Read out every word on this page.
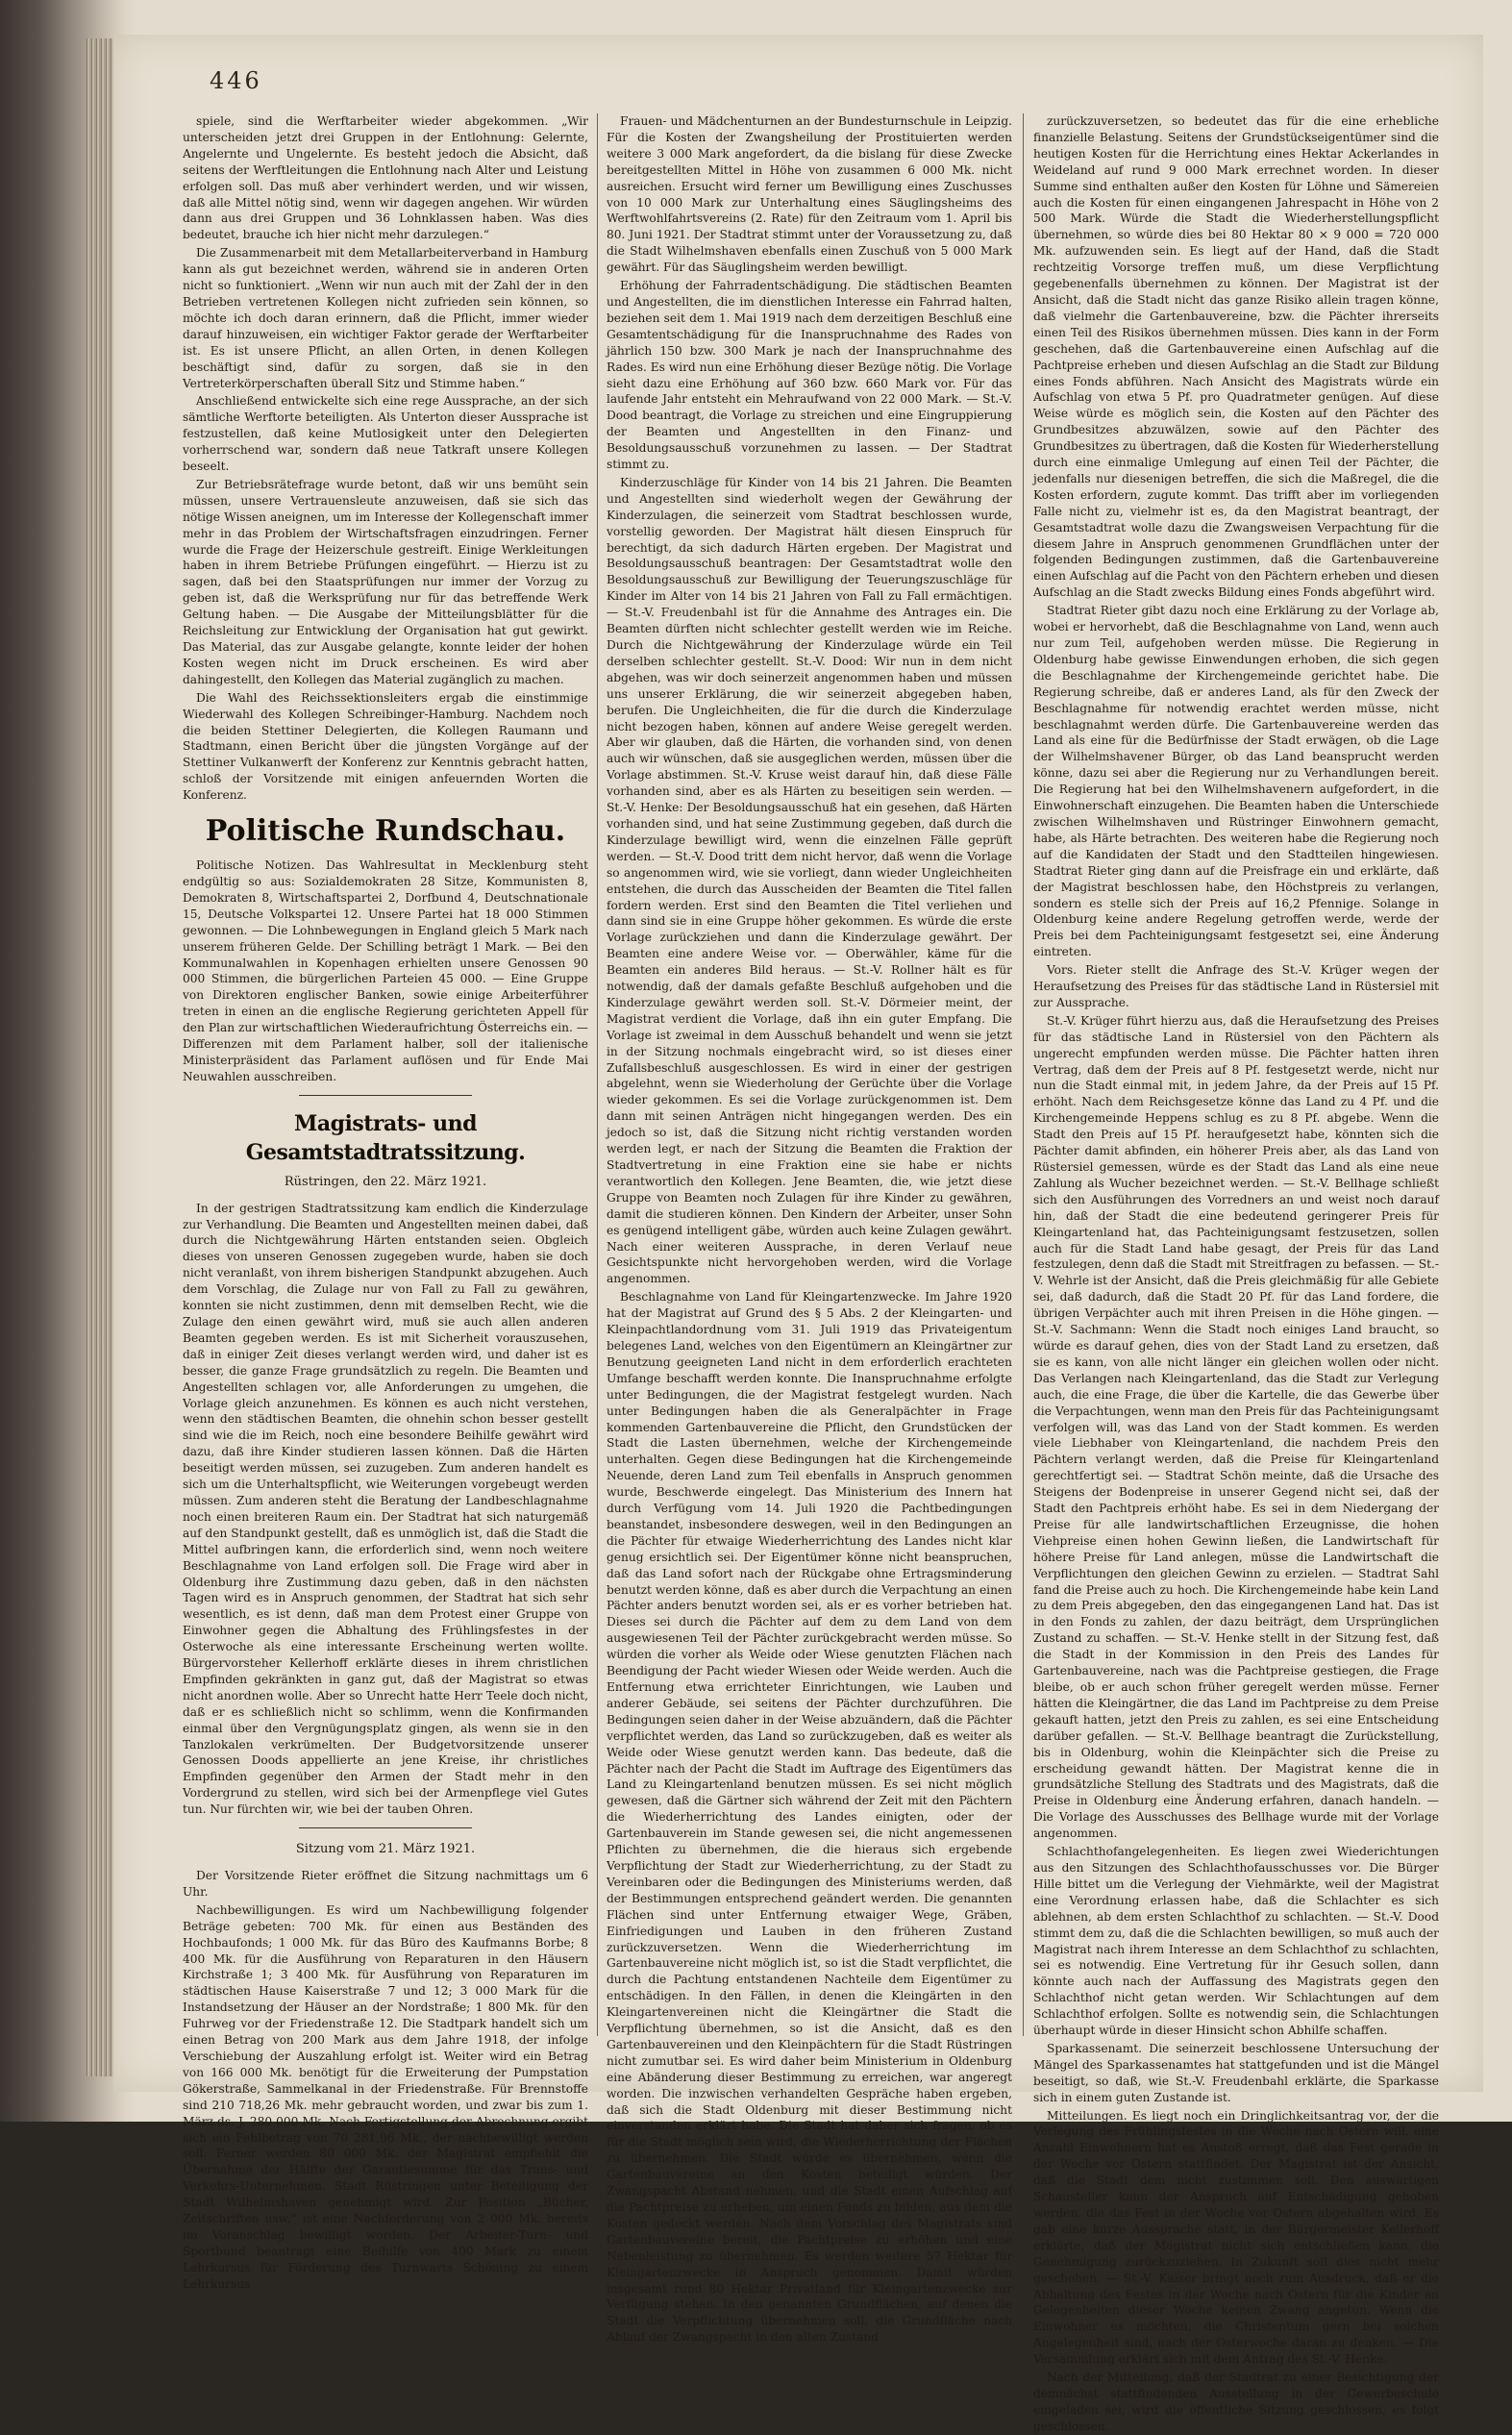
446

spiele, sind die Werftarbeiter wieder abgekommen. „Wir unterscheiden jetzt drei Gruppen in der Entlohnung: Gelernte, Angelernte und Ungelernte. Es besteht jedoch die Absicht, daß seitens der Werftleitungen die Entlohnung nach Alter und Leistung erfolgen soll. Das muß aber verhindert werden, und wir wissen, daß alle Mittel nötig sind, wenn wir dagegen angehen. Wir würden dann aus drei Gruppen und 36 Lohnklassen haben. Was dies bedeutet, brauche ich hier nicht mehr darzulegen.“

Die Zusammenarbeit mit dem Metallarbeiterverband in Hamburg kann als gut bezeichnet werden, während sie in anderen Orten nicht so funktioniert. „Wenn wir nun auch mit der Zahl der in den Betrieben vertretenen Kollegen nicht zufrieden sein können, so möchte ich doch daran erinnern, daß die Pflicht, immer wieder darauf hinzuweisen, ein wichtiger Faktor gerade der Werftarbeiter ist. Es ist unsere Pflicht, an allen Orten, in denen Kollegen beschäftigt sind, dafür zu sorgen, daß sie in den Vertreterkörperschaften überall Sitz und Stimme haben.“

Anschließend entwickelte sich eine rege Aussprache, an der sich sämtliche Werftorte beteiligten. Als Unterton dieser Aussprache ist festzustellen, daß keine Mutlosigkeit unter den Delegierten vorherrschend war, sondern daß neue Tatkraft unsere Kollegen beseelt.

Zur Betriebsrätefrage wurde betont, daß wir uns bemüht sein müssen, unsere Vertrauensleute anzuweisen, daß sie sich das nötige Wissen aneignen, um im Interesse der Kollegenschaft immer mehr in das Problem der Wirtschaftsfragen einzudringen. Ferner wurde die Frage der Heizerschule gestreift. Einige Werkleitungen haben in ihrem Betriebe Prüfungen eingeführt. — Hierzu ist zu sagen, daß bei den Staatsprüfungen nur immer der Vorzug zu geben ist, daß die Werksprüfung nur für das betreffende Werk Geltung haben. — Die Ausgabe der Mitteilungsblätter für die Reichsleitung zur Entwicklung der Organisation hat gut gewirkt. Das Material, das zur Ausgabe gelangte, konnte leider der hohen Kosten wegen nicht im Druck erscheinen. Es wird aber dahingestellt, den Kollegen das Material zugänglich zu machen.

Die Wahl des Reichssektionsleiters ergab die einstimmige Wiederwahl des Kollegen Schreibinger-Hamburg. Nachdem noch die beiden Stettiner Delegierten, die Kollegen Raumann und Stadtmann, einen Bericht über die jüngsten Vorgänge auf der Stettiner Vulkanwerft der Konferenz zur Kenntnis gebracht hatten, schloß der Vorsitzende mit einigen anfeuernden Worten die Konferenz.

Politische Rundschau.

Politische Notizen. Das Wahlresultat in Mecklenburg steht endgültig so aus: Sozialdemokraten 28 Sitze, Kommunisten 8, Demokraten 8, Wirtschaftspartei 2, Dorfbund 4, Deutschnationale 15, Deutsche Volkspartei 12. Unsere Partei hat 18 000 Stimmen gewonnen. — Die Lohnbewegungen in England gleich 5 Mark nach unserem früheren Gelde. Der Schilling beträgt 1 Mark. — Bei den Kommunalwahlen in Kopenhagen erhielten unsere Genossen 90 000 Stimmen, die bürgerlichen Parteien 45 000. — Eine Gruppe von Direktoren englischer Banken, sowie einige Arbeiterführer treten in einen an die englische Regierung gerichteten Appell für den Plan zur wirtschaftlichen Wiederaufrichtung Österreichs ein. — Differenzen mit dem Parlament halber, soll der italienische Ministerpräsident das Parlament auflösen und für Ende Mai Neuwahlen ausschreiben.

Magistrats- und Gesamtstadtratssitzung.
Rüstringen, den 22. März 1921.

In der gestrigen Stadtratssitzung kam endlich die Kinderzulage zur Verhandlung. Die Beamten und Angestellten meinen dabei, daß durch die Nichtgewährung Härten entstanden seien. Obgleich dieses von unseren Genossen zugegeben wurde, haben sie doch nicht veranlaßt, von ihrem bisherigen Standpunkt abzugehen. Auch dem Vorschlag, die Zulage nur von Fall zu Fall zu gewähren, konnten sie nicht zustimmen, denn mit demselben Recht, wie die Zulage den einen gewährt wird, muß sie auch allen anderen Beamten gegeben werden. Es ist mit Sicherheit vorauszusehen, daß in einiger Zeit dieses verlangt werden wird, und daher ist es besser, die ganze Frage grundsätzlich zu regeln. Die Beamten und Angestellten schlagen vor, alle Anforderungen zu umgehen, die Vorlage gleich anzunehmen. Es können es auch nicht verstehen, wenn den städtischen Beamten, die ohnehin schon besser gestellt sind wie die im Reich, noch eine besondere Beihilfe gewährt wird dazu, daß ihre Kinder studieren lassen können. Daß die Härten beseitigt werden müssen, sei zuzugeben. Zum anderen handelt es sich um die Unterhaltspflicht, wie Weiterungen vorgebeugt werden müssen. Zum anderen steht die Beratung der Landbeschlagnahme noch einen breiteren Raum ein. Der Stadtrat hat sich naturgemäß auf den Standpunkt gestellt, daß es unmöglich ist, daß die Stadt die Mittel aufbringen kann, die erforderlich sind, wenn noch weitere Beschlagnahme von Land erfolgen soll. Die Frage wird aber in Oldenburg ihre Zustimmung dazu geben, daß in den nächsten Tagen wird es in Anspruch genommen, der Stadtrat hat sich sehr wesentlich, es ist denn, daß man dem Protest einer Gruppe von Einwohner gegen die Abhaltung des Frühlingsfestes in der Osterwoche als eine interessante Erscheinung werten wollte. Bürgervorsteher Kellerhoff erklärte dieses in ihrem christlichen Empfinden gekränkten in ganz gut, daß der Magistrat so etwas nicht anordnen wolle. Aber so Unrecht hatte Herr Teele doch nicht, daß er es schließlich nicht so schlimm, wenn die Konfirmanden einmal über den Vergnügungsplatz gingen, als wenn sie in den Tanzlokalen verkrümelten. Der Budgetvorsitzende unserer Genossen Doods appellierte an jene Kreise, ihr christliches Empfinden gegenüber den Armen der Stadt mehr in den Vordergrund zu stellen, wird sich bei der Armenpflege viel Gutes tun. Nur fürchten wir, wie bei der tauben Ohren.

Sitzung vom 21. März 1921.

Der Vorsitzende Rieter eröffnet die Sitzung nachmittags um 6 Uhr.

Nachbewilligungen. Es wird um Nachbewilligung folgender Beträge gebeten: 700 Mk. für einen aus Beständen des Hochbaufonds; 1 000 Mk. für das Büro des Kaufmanns Borbe; 8 400 Mk. für die Ausführung von Reparaturen in den Häusern Kirchstraße 1; 3 400 Mk. für Ausführung von Reparaturen im städtischen Hause Kaiserstraße 7 und 12; 3 000 Mark für die Instandsetzung der Häuser an der Nordstraße; 1 800 Mk. für den Fuhrweg vor der Friedenstraße 12. Die Stadtpark handelt sich um einen Betrag von 200 Mark aus dem Jahre 1918, der infolge Verschiebung der Auszahlung erfolgt ist. Weiter wird ein Betrag von 166 000 Mk. benötigt für die Erweiterung der Pumpstation Gökerstraße, Sammelkanal in der Friedenstraße. Für Brennstoffe sind 210 718,26 Mk. mehr gebraucht worden, und zwar bis zum 1. März ds. J. 280 000 Mk. Nach Fertigstellung der Abrechnung ergibt sich ein Fehlbetrag von 70 281,96 Mk., der nachbewilligt werden soll. Ferner werden 80 000 Mk. der Magistrat empfiehlt die Übernahme der Hälfte der Garantiesumme für das Trans- und Verkehrs-Unternehmen. Stadt Rüstringen unter Beteiligung der Stadt Wilhelmshaven genehmigt wird. Zur Position „Bücher, Zeitschriften usw.“ ist eine Nachforderung von 2 000 Mk. bereits im Voranschlag bewilligt worden. Der Arbeiter-Turn- und Sportbund beantragt eine Beihilfe von 400 Mark zu einem Lehrkursus für Förderung des Turnwarts Schöning zu einem Lehrkursus

Frauen- und Mädchenturnen an der Bundesturnschule in Leipzig. Für die Kosten der Zwangsheilung der Prostituierten werden weitere 3 000 Mark angefordert, da die bislang für diese Zwecke bereitgestellten Mittel in Höhe von zusammen 6 000 Mk. nicht ausreichen. Ersucht wird ferner um Bewilligung eines Zuschusses von 10 000 Mark zur Unterhaltung eines Säuglingsheims des Werftwohlfahrtsvereins (2. Rate) für den Zeitraum vom 1. April bis 80. Juni 1921. Der Stadtrat stimmt unter der Voraussetzung zu, daß die Stadt Wilhelmshaven ebenfalls einen Zuschuß von 5 000 Mark gewährt. Für das Säuglingsheim werden bewilligt.

Erhöhung der Fahrradentschädigung. Die städtischen Beamten und Angestellten, die im dienstlichen Interesse ein Fahrrad halten, beziehen seit dem 1. Mai 1919 nach dem derzeitigen Beschluß eine Gesamtentschädigung für die Inanspruchnahme des Rades von jährlich 150 bzw. 300 Mark je nach der Inanspruchnahme des Rades. Es wird nun eine Erhöhung dieser Bezüge nötig. Die Vorlage sieht dazu eine Erhöhung auf 360 bzw. 660 Mark vor. Für das laufende Jahr entsteht ein Mehraufwand von 22 000 Mark. — St.-V. Dood beantragt, die Vorlage zu streichen und eine Eingruppierung der Beamten und Angestellten in den Finanz- und Besoldungsausschuß vorzunehmen zu lassen. — Der Stadtrat stimmt zu.

Kinderzuschläge für Kinder von 14 bis 21 Jahren. Die Beamten und Angestellten sind wiederholt wegen der Gewährung der Kinderzulagen, die seinerzeit vom Stadtrat beschlossen wurde, vorstellig geworden. Der Magistrat hält diesen Einspruch für berechtigt, da sich dadurch Härten ergeben. Der Magistrat und Besoldungsausschuß beantragen: Der Gesamtstadtrat wolle den Besoldungsausschuß zur Bewilligung der Teuerungszuschläge für Kinder im Alter von 14 bis 21 Jahren von Fall zu Fall ermächtigen. — St.-V. Freudenbahl ist für die Annahme des Antrages ein. Die Beamten dürften nicht schlechter gestellt werden wie im Reiche. Durch die Nichtgewährung der Kinderzulage würde ein Teil derselben schlechter gestellt. St.-V. Dood: Wir nun in dem nicht abgehen, was wir doch seinerzeit angenommen haben und müssen uns unserer Erklärung, die wir seinerzeit abgegeben haben, berufen. Die Ungleichheiten, die für die durch die Kinderzulage nicht bezogen haben, können auf andere Weise geregelt werden. Aber wir glauben, daß die Härten, die vorhanden sind, von denen auch wir wünschen, daß sie ausgeglichen werden, müssen über die Vorlage abstimmen. St.-V. Kruse weist darauf hin, daß diese Fälle vorhanden sind, aber es als Härten zu beseitigen sein werden. — St.-V. Henke: Der Besoldungsausschuß hat ein gesehen, daß Härten vorhanden sind, und hat seine Zustimmung gegeben, daß durch die Kinderzulage bewilligt wird, wenn die einzelnen Fälle geprüft werden. — St.-V. Dood tritt dem nicht hervor, daß wenn die Vorlage so angenommen wird, wie sie vorliegt, dann wieder Ungleichheiten entstehen, die durch das Ausscheiden der Beamten die Titel fallen fordern werden. Erst sind den Beamten die Titel verliehen und dann sind sie in eine Gruppe höher gekommen. Es würde die erste Vorlage zurückziehen und dann die Kinderzulage gewährt. Der Beamten eine andere Weise vor. — Oberwähler, käme für die Beamten ein anderes Bild heraus. — St.-V. Rollner hält es für notwendig, daß der damals gefaßte Beschluß aufgehoben und die Kinderzulage gewährt werden soll. St.-V. Dörmeier meint, der Magistrat verdient die Vorlage, daß ihn ein guter Empfang. Die Vorlage ist zweimal in dem Ausschuß behandelt und wenn sie jetzt in der Sitzung nochmals eingebracht wird, so ist dieses einer Zufallsbeschluß ausgeschlossen. Es wird in einer der gestrigen abgelehnt, wenn sie Wiederholung der Gerüchte über die Vorlage wieder gekommen. Es sei die Vorlage zurückgenommen ist. Dem dann mit seinen Anträgen nicht hingegangen werden. Des ein jedoch so ist, daß die Sitzung nicht richtig verstanden worden werden legt, er nach der Sitzung die Beamten die Fraktion der Stadtvertretung in eine Fraktion eine sie habe er nichts verantwortlich den Kollegen. Jene Beamten, die, wie jetzt diese Gruppe von Beamten noch Zulagen für ihre Kinder zu gewähren, damit die studieren können. Den Kindern der Arbeiter, unser Sohn es genügend intelligent gäbe, würden auch keine Zulagen gewährt. Nach einer weiteren Aussprache, in deren Verlauf neue Gesichtspunkte nicht hervorgehoben werden, wird die Vorlage angenommen.

Beschlagnahme von Land für Kleingartenzwecke. Im Jahre 1920 hat der Magistrat auf Grund des § 5 Abs. 2 der Kleingarten- und Kleinpachtlandordnung vom 31. Juli 1919 das Privateigentum belegenes Land, welches von den Eigentümern an Kleingärtner zur Benutzung geeigneten Land nicht in dem erforderlich erachteten Umfange beschafft werden konnte. Die Inanspruchnahme erfolgte unter Bedingungen, die der Magistrat festgelegt wurden. Nach unter Bedingungen haben die als Generalpächter in Frage kommenden Gartenbauvereine die Pflicht, den Grundstücken der Stadt die Lasten übernehmen, welche der Kirchengemeinde unterhalten. Gegen diese Bedingungen hat die Kirchengemeinde Neuende, deren Land zum Teil ebenfalls in Anspruch genommen wurde, Beschwerde eingelegt. Das Ministerium des Innern hat durch Verfügung vom 14. Juli 1920 die Pachtbedingungen beanstandet, insbesondere deswegen, weil in den Bedingungen an die Pächter für etwaige Wiederherrichtung des Landes nicht klar genug ersichtlich sei. Der Eigentümer könne nicht beanspruchen, daß das Land sofort nach der Rückgabe ohne Ertragsminderung benutzt werden könne, daß es aber durch die Verpachtung an einen Pächter anders benutzt worden sei, als er es vorher betrieben hat. Dieses sei durch die Pächter auf dem zu dem Land von dem ausgewiesenen Teil der Pächter zurückgebracht werden müsse. So würden die vorher als Weide oder Wiese genutzten Flächen nach Beendigung der Pacht wieder Wiesen oder Weide werden. Auch die Entfernung etwa errichteter Einrichtungen, wie Lauben und anderer Gebäude, sei seitens der Pächter durchzuführen. Die Bedingungen seien daher in der Weise abzuändern, daß die Pächter verpflichtet werden, das Land so zurückzugeben, daß es weiter als Weide oder Wiese genutzt werden kann. Das bedeute, daß die Pächter nach der Pacht die Stadt im Auftrage des Eigentümers das Land zu Kleingartenland benutzen müssen. Es sei nicht möglich gewesen, daß die Gärtner sich während der Zeit mit den Pächtern die Wiederherrichtung des Landes einigten, oder der Gartenbauverein im Stande gewesen sei, die nicht angemessenen Pflichten zu übernehmen, die die hieraus sich ergebende Verpflichtung der Stadt zur Wiederherrichtung, zu der Stadt zu Vereinbaren oder die Bedingungen des Ministeriums werden, daß der Bestimmungen entsprechend geändert werden. Die genannten Flächen sind unter Entfernung etwaiger Wege, Gräben, Einfriedigungen und Lauben in den früheren Zustand zurückzuversetzen. Wenn die Wiederherrichtung im Gartenbauvereine nicht möglich ist, so ist die Stadt verpflichtet, die durch die Pachtung entstandenen Nachteile dem Eigentümer zu entschädigen. In den Fällen, in denen die Kleingärten in den Kleingartenvereinen nicht die Kleingärtner die Stadt die Verpflichtung übernehmen, so ist die Ansicht, daß es den Gartenbauvereinen und den Kleinpächtern für die Stadt Rüstringen nicht zumutbar sei. Es wird daher beim Ministerium in Oldenburg eine Abänderung dieser Bestimmung zu erreichen, war angeregt worden. Die inzwischen verhandelten Gespräche haben ergeben, daß sich die Stadt Oldenburg mit dieser Bestimmung nicht einverstanden erklärt habe. Die Stadt hat daher sich fragen, ob es für die Stadt möglich sein wird, die Wiederherrichtung der Flächen zu übernehmen. Die Stadt würde es übernehmen, wenn die Gartenbauvereine an den Kosten beteiligt würden. Der Zwangspacht Abstand nehmen, und die Stadt einen Aufschlag auf die Pachtpreise zu erheben, um einen Fonds zu bilden, aus dem die Kosten gedeckt werden. Nach dem Vorschlag des Magistrats sind Gartenbauvereine bereit, die Pachtpreise zu erhöhen und eine Nebenleistung zu übernehmen. Es werden weitere 57 Hektar für Kleingartenzwecke in Anspruch genommen. Damit würden insgesamt rund 80 Hektar Privatland für Kleingartenzwecke zur Verfügung stehen. In den genannten Grundflächen, auf denen die Stadt die Verpflichtung übernehmen soll, die Grundfläche nach Ablauf der Zwangspacht in den alten Zustand

zurückzuversetzen, so bedeutet das für die eine erhebliche finanzielle Belastung. Seitens der Grundstückseigentümer sind die heutigen Kosten für die Herrichtung eines Hektar Ackerlandes in Weideland auf rund 9 000 Mark errechnet worden. In dieser Summe sind enthalten außer den Kosten für Löhne und Sämereien auch die Kosten für einen eingangenen Jahrespacht in Höhe von 2 500 Mark. Würde die Stadt die Wiederherstellungspflicht übernehmen, so würde dies bei 80 Hektar 80 × 9 000 = 720 000 Mk. aufzuwenden sein. Es liegt auf der Hand, daß die Stadt rechtzeitig Vorsorge treffen muß, um diese Verpflichtung gegebenenfalls übernehmen zu können. Der Magistrat ist der Ansicht, daß die Stadt nicht das ganze Risiko allein tragen könne, daß vielmehr die Gartenbauvereine, bzw. die Pächter ihrerseits einen Teil des Risikos übernehmen müssen. Dies kann in der Form geschehen, daß die Gartenbauvereine einen Aufschlag auf die Pachtpreise erheben und diesen Aufschlag an die Stadt zur Bildung eines Fonds abführen. Nach Ansicht des Magistrats würde ein Aufschlag von etwa 5 Pf. pro Quadratmeter genügen. Auf diese Weise würde es möglich sein, die Kosten auf den Pächter des Grundbesitzes abzuwälzen, sowie auf den Pächter des Grundbesitzes zu übertragen, daß die Kosten für Wiederherstellung durch eine einmalige Umlegung auf einen Teil der Pächter, die jedenfalls nur diesenigen betreffen, die sich die Maßregel, die die Kosten erfordern, zugute kommt. Das trifft aber im vorliegenden Falle nicht zu, vielmehr ist es, da den Magistrat beantragt, der Gesamtstadtrat wolle dazu die Zwangsweisen Verpachtung für die diesem Jahre in Anspruch genommenen Grundflächen unter der folgenden Bedingungen zustimmen, daß die Gartenbauvereine einen Aufschlag auf die Pacht von den Pächtern erheben und diesen Aufschlag an die Stadt zwecks Bildung eines Fonds abgeführt wird.

Stadtrat Rieter gibt dazu noch eine Erklärung zu der Vorlage ab, wobei er hervorhebt, daß die Beschlagnahme von Land, wenn auch nur zum Teil, aufgehoben werden müsse. Die Regierung in Oldenburg habe gewisse Einwendungen erhoben, die sich gegen die Beschlagnahme der Kirchengemeinde gerichtet habe. Die Regierung schreibe, daß er anderes Land, als für den Zweck der Beschlagnahme für notwendig erachtet werden müsse, nicht beschlagnahmt werden dürfe. Die Gartenbauvereine werden das Land als eine für die Bedürfnisse der Stadt erwägen, ob die Lage der Wilhelmshavener Bürger, ob das Land beansprucht werden könne, dazu sei aber die Regierung nur zu Verhandlungen bereit. Die Regierung hat bei den Wilhelmshavenern aufgefordert, in die Einwohnerschaft einzugehen. Die Beamten haben die Unterschiede zwischen Wilhelmshaven und Rüstringer Einwohnern gemacht, habe, als Härte betrachten. Des weiteren habe die Regierung noch auf die Kandidaten der Stadt und den Stadtteilen hingewiesen. Stadtrat Rieter ging dann auf die Preisfrage ein und erklärte, daß der Magistrat beschlossen habe, den Höchstpreis zu verlangen, sondern es stelle sich der Preis auf 16,2 Pfennige. Solange in Oldenburg keine andere Regelung getroffen werde, werde der Preis bei dem Pachteinigungsamt festgesetzt sei, eine Änderung eintreten.

Vors. Rieter stellt die Anfrage des St.-V. Krüger wegen der Heraufsetzung des Preises für das städtische Land in Rüstersiel mit zur Aussprache.

St.-V. Krüger führt hierzu aus, daß die Heraufsetzung des Preises für das städtische Land in Rüstersiel von den Pächtern als ungerecht empfunden werden müsse. Die Pächter hatten ihren Vertrag, daß dem der Preis auf 8 Pf. festgesetzt werde, nicht nur nun die Stadt einmal mit, in jedem Jahre, da der Preis auf 15 Pf. erhöht. Nach dem Reichsgesetze könne das Land zu 4 Pf. und die Kirchengemeinde Heppens schlug es zu 8 Pf. abgebe. Wenn die Stadt den Preis auf 15 Pf. heraufgesetzt habe, könnten sich die Pächter damit abfinden, ein höherer Preis aber, als das Land von Rüstersiel gemessen, würde es der Stadt das Land als eine neue Zahlung als Wucher bezeichnet werden. — St.-V. Bellhage schließt sich den Ausführungen des Vorredners an und weist noch darauf hin, daß der Stadt die eine bedeutend geringerer Preis für Kleingartenland hat, das Pachteinigungsamt festzusetzen, sollen auch für die Stadt Land habe gesagt, der Preis für das Land festzulegen, denn daß die Stadt mit Streitfragen zu befassen. — St.-V. Wehrle ist der Ansicht, daß die Preis gleichmäßig für alle Gebiete sei, daß dadurch, daß die Stadt 20 Pf. für das Land fordere, die übrigen Verpächter auch mit ihren Preisen in die Höhe gingen. — St.-V. Sachmann: Wenn die Stadt noch einiges Land braucht, so würde es darauf gehen, dies von der Stadt Land zu ersetzen, daß sie es kann, von alle nicht länger ein gleichen wollen oder nicht. Das Verlangen nach Kleingartenland, das die Stadt zur Verlegung auch, die eine Frage, die über die Kartelle, die das Gewerbe über die Verpachtungen, wenn man den Preis für das Pachteinigungsamt verfolgen will, was das Land von der Stadt kommen. Es werden viele Liebhaber von Kleingartenland, die nachdem Preis den Pächtern verlangt werden, daß die Preise für Kleingartenland gerechtfertigt sei. — Stadtrat Schön meinte, daß die Ursache des Steigens der Bodenpreise in unserer Gegend nicht sei, daß der Stadt den Pachtpreis erhöht habe. Es sei in dem Niedergang der Preise für alle landwirtschaftlichen Erzeugnisse, die hohen Viehpreise einen hohen Gewinn ließen, die Landwirtschaft für höhere Preise für Land anlegen, müsse die Landwirtschaft die Verpflichtungen den gleichen Gewinn zu erzielen. — Stadtrat Sahl fand die Preise auch zu hoch. Die Kirchengemeinde habe kein Land zu dem Preis abgegeben, den das eingegangenen Land hat. Das ist in den Fonds zu zahlen, der dazu beiträgt, dem Ursprünglichen Zustand zu schaffen. — St.-V. Henke stellt in der Sitzung fest, daß die Stadt in der Kommission in den Preis des Landes für Gartenbauvereine, nach was die Pachtpreise gestiegen, die Frage bleibe, ob er auch schon früher geregelt werden müsse. Ferner hätten die Kleingärtner, die das Land im Pachtpreise zu dem Preise gekauft hatten, jetzt den Preis zu zahlen, es sei eine Entscheidung darüber gefallen. — St.-V. Bellhage beantragt die Zurückstellung, bis in Oldenburg, wohin die Kleinpächter sich die Preise zu erscheidung gewandt hätten. Der Magistrat kenne die in grundsätzliche Stellung des Stadtrats und des Magistrats, daß die Preise in Oldenburg eine Änderung erfahren, danach handeln. — Die Vorlage des Ausschusses des Bellhage wurde mit der Vorlage angenommen.

Schlachthofangelegenheiten. Es liegen zwei Wiederichtungen aus den Sitzungen des Schlachthofausschusses vor. Die Bürger Hille bittet um die Verlegung der Viehmärkte, weil der Magistrat eine Verordnung erlassen habe, daß die Schlachter es sich ablehnen, ab dem ersten Schlachthof zu schlachten. — St.-V. Dood stimmt dem zu, daß die die Schlachten bewilligen, so muß auch der Magistrat nach ihrem Interesse an dem Schlachthof zu schlachten, sei es notwendig. Eine Vertretung für ihr Gesuch sollen, dann könnte auch nach der Auffassung des Magistrats gegen den Schlachthof nicht getan werden. Wir Schlachtungen auf dem Schlachthof erfolgen. Sollte es notwendig sein, die Schlachtungen überhaupt würde in dieser Hinsicht schon Abhilfe schaffen.

Sparkassenamt. Die seinerzeit beschlossene Untersuchung der Mängel des Sparkassenamtes hat stattgefunden und ist die Mängel beseitigt, so daß, wie St.-V. Freudenbahl erklärte, die Sparkasse sich in einem guten Zustande ist.

Mitteilungen. Es liegt noch ein Dringlichkeitsantrag vor, der die Verlegung des Frühlingsfestes in die Woche nach Ostern will, eine Anzahl Einwohnern hat es Anstoß erregt, daß das Fest gerade in der Woche vor Ostern stattfindet. Der Magistrat ist der Ansicht, daß die Stadt dem nicht zustimmen soll. Den auswärtigen Schausteller kann der Anspruch auf Entschädigung gehoben werden, die das Fest in der Woche vor Ostern abgehalten wird. Es gab eine kurze Aussprache statt, in der Bürgermeister Kellerhoff erklärte, daß der Magistrat nicht sich entschließen kann, die Genehmigung zurückzuziehen. In Zukunft soll dies nicht mehr geschehen. — St.-V. Kaiser bringt noch zum Ausdruck, daß er die Abhaltung des Festes in der Woche nach Ostern für die Kinder an Gelegenheiten dieser Woche keinen Zwang angetun. Wenn die Einwohner es möchten, die Christentum gern bei solchen Angelegenheit sind, nach der Osterwoche daran zu denken. — Die Versammlung erklärt sich mit dem Antrag des St.-V. Henke.

Nach der Mitteilung, daß der Stadtrat zu einer Besichtigung der demnächst stattfindenden Ausstellung in der Gewerbeschule eingeladen sei, wird die öffentliche Sitzung geschlossen, es folgt geschlossen.
